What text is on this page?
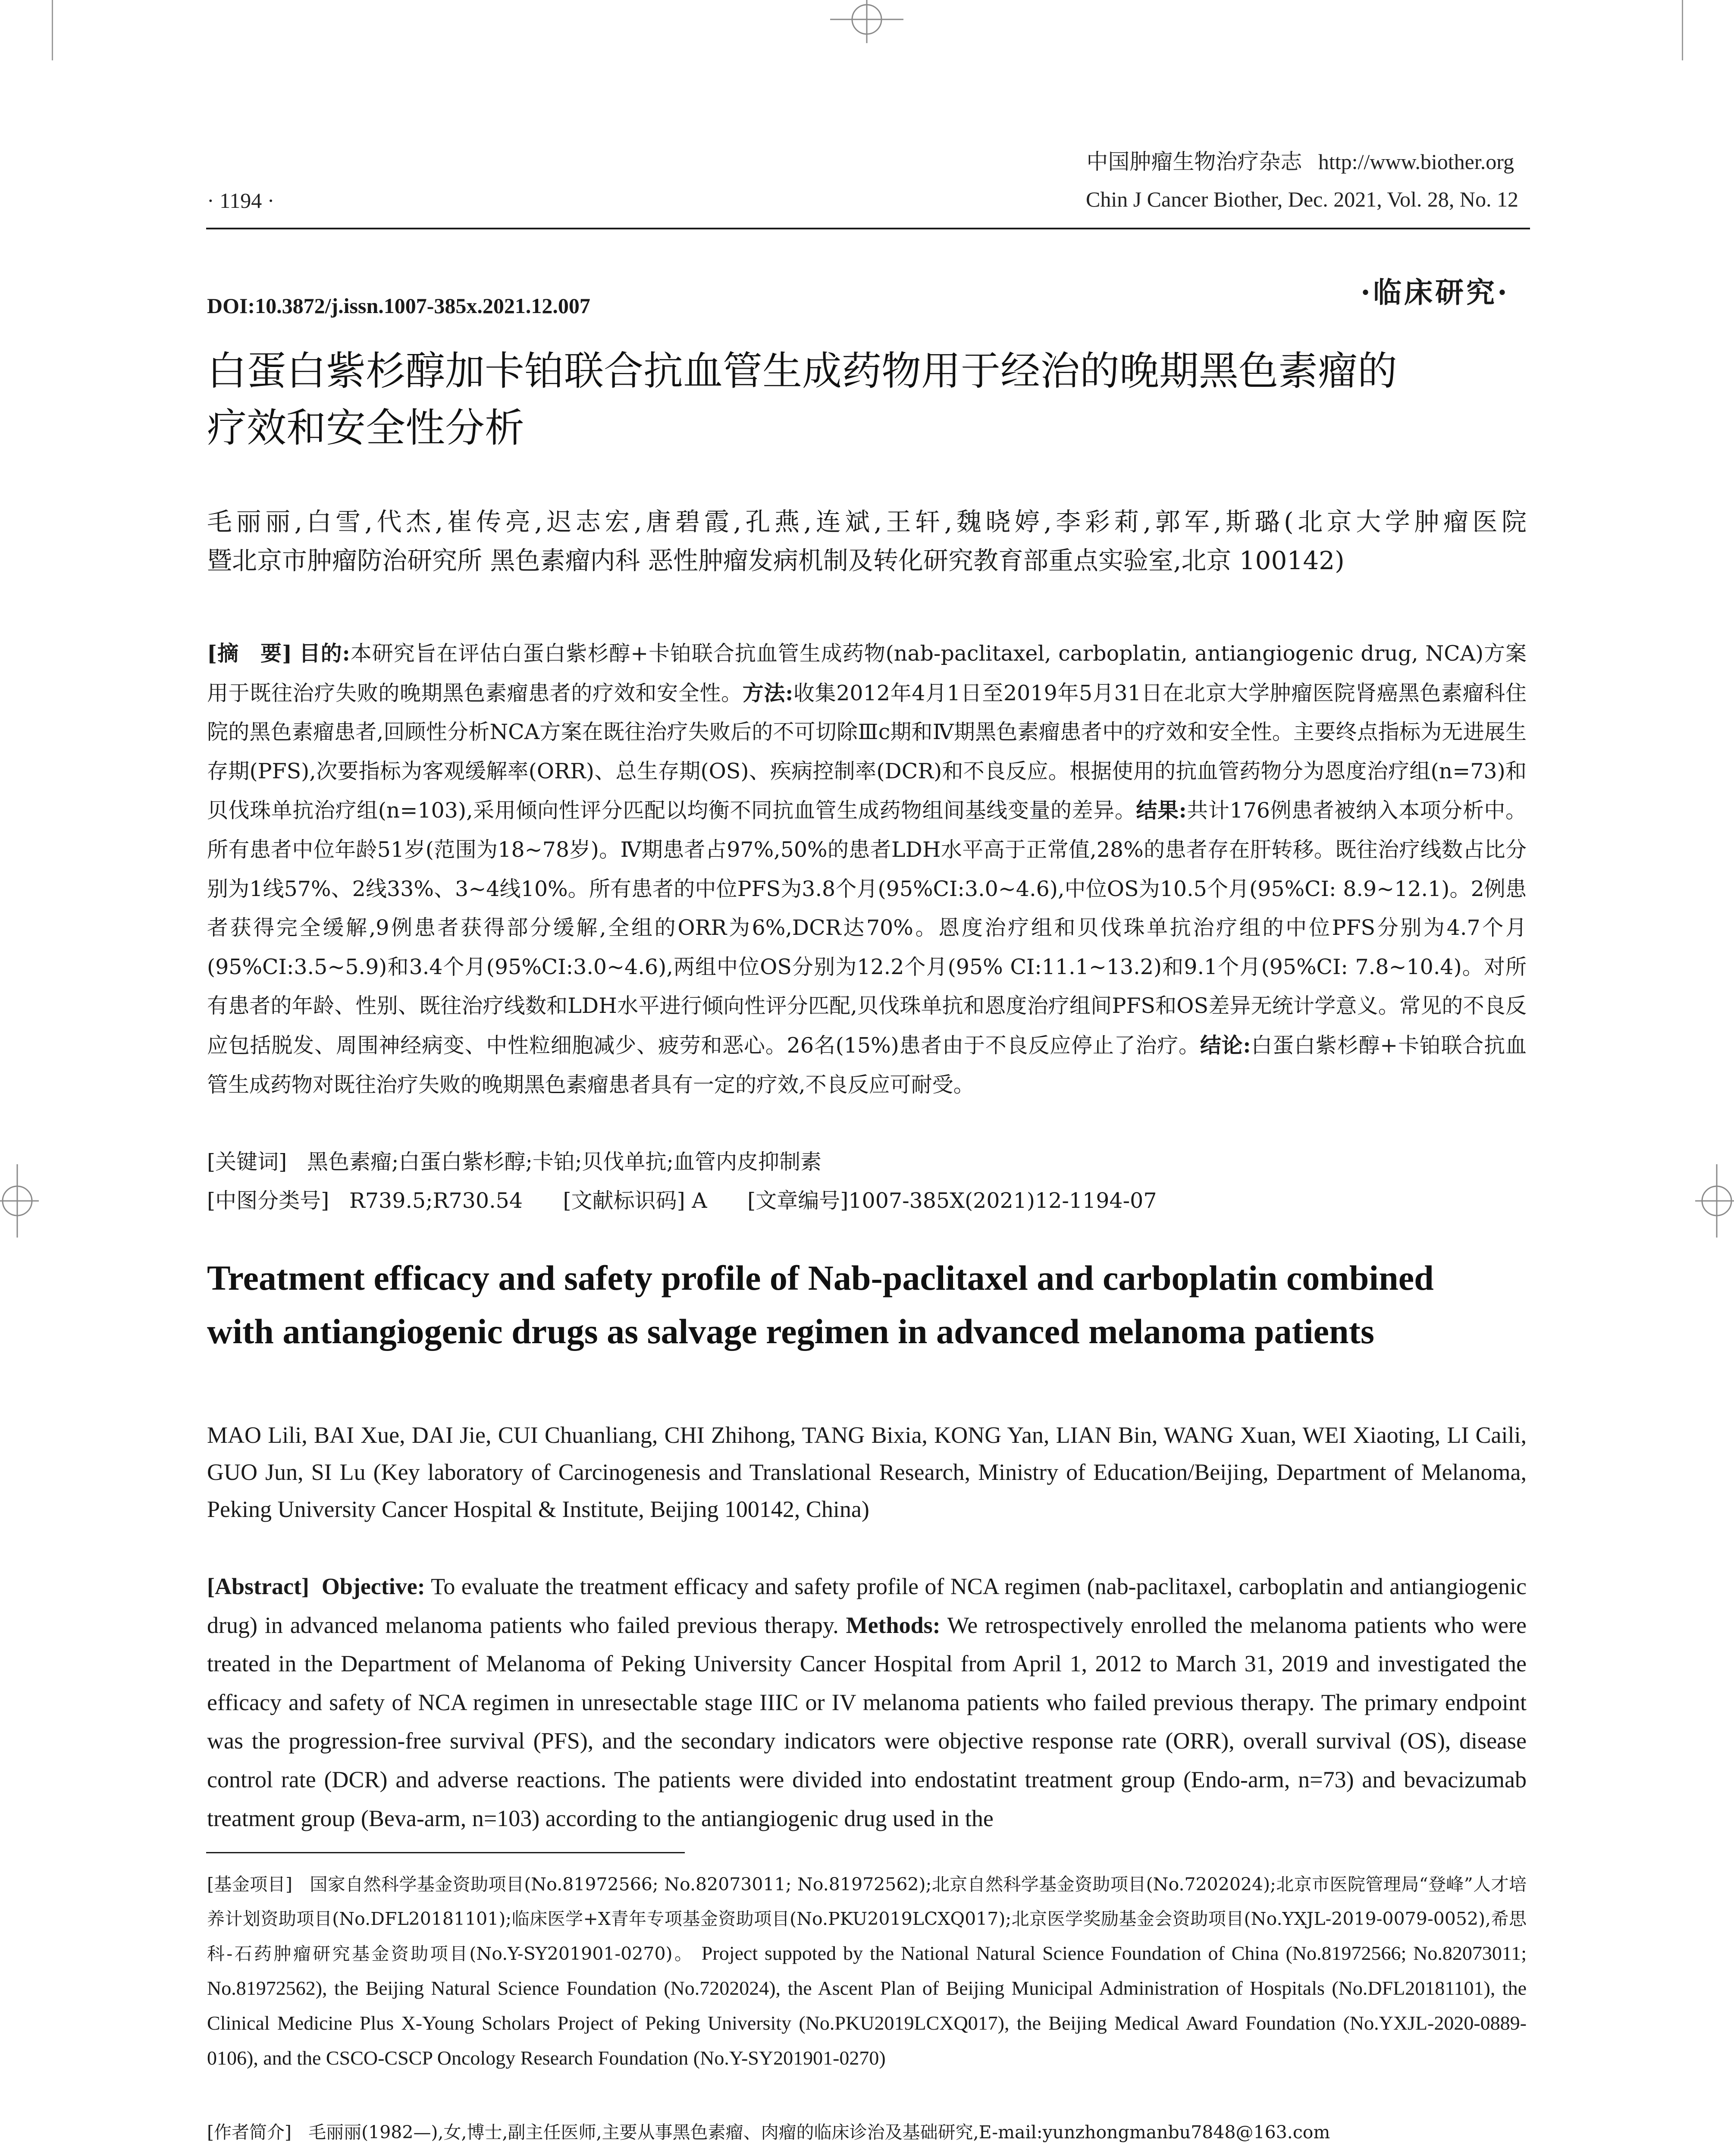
· 1194 ·
中国肿瘤生物治疗杂志 http://www.biother.org
Chin J Cancer Biother, Dec. 2021, Vol. 28, No. 12
DOI:10.3872/j.issn.1007-385x.2021.12.007	·临床研究·
白蛋白紫杉醇加卡铂联合抗血管生成药物用于经治的晚期黑色素瘤的
疗效和安全性分析
毛丽丽,白雪,代杰,崔传亮,迟志宏,唐碧霞,孔燕,连斌,王轩,魏晓婷,李彩莉,郭军,斯璐(北京大学肿瘤医院
暨北京市肿瘤防治研究所 黑色素瘤内科 恶性肿瘤发病机制及转化研究教育部重点实验室,北京 100142)
[摘　要] 目的:本研究旨在评估白蛋白紫杉醇+卡铂联合抗血管生成药物(nab-paclitaxel, carboplatin, antiangiogenic drug, NCA)方案用于既往治疗失败的晚期黑色素瘤患者的疗效和安全性。方法:收集2012年4月1日至2019年5月31日在北京大学肿瘤医院肾癌黑色素瘤科住院的黑色素瘤患者,回顾性分析NCA方案在既往治疗失败后的不可切除Ⅲc期和Ⅳ期黑色素瘤患者中的疗效和安全性。主要终点指标为无进展生存期(PFS),次要指标为客观缓解率(ORR)、总生存期(OS)、疾病控制率(DCR)和不良反应。根据使用的抗血管药物分为恩度治疗组(n=73)和贝伐珠单抗治疗组(n=103),采用倾向性评分匹配以均衡不同抗血管生成药物组间基线变量的差异。结果:共计176例患者被纳入本项分析中。所有患者中位年龄51岁(范围为18~78岁)。Ⅳ期患者占97%,50%的患者LDH水平高于正常值,28%的患者存在肝转移。既往治疗线数占比分别为1线57%、2线33%、3~4线10%。所有患者的中位PFS为3.8个月(95%CI:3.0~4.6),中位OS为10.5个月(95%CI: 8.9~12.1)。2例患者获得完全缓解,9例患者获得部分缓解,全组的ORR为6%,DCR达70%。恩度治疗组和贝伐珠单抗治疗组的中位PFS分别为4.7个月(95%CI:3.5~5.9)和3.4个月(95%CI:3.0~4.6),两组中位OS分别为12.2个月(95% CI:11.1~13.2)和9.1个月(95%CI: 7.8~10.4)。对所有患者的年龄、性别、既往治疗线数和LDH水平进行倾向性评分匹配,贝伐珠单抗和恩度治疗组间PFS和OS差异无统计学意义。常见的不良反应包括脱发、周围神经病变、中性粒细胞减少、疲劳和恶心。26名(15%)患者由于不良反应停止了治疗。结论:白蛋白紫杉醇+卡铂联合抗血管生成药物对既往治疗失败的晚期黑色素瘤患者具有一定的疗效,不良反应可耐受。
[关键词] 黑色素瘤;白蛋白紫杉醇;卡铂;贝伐单抗;血管内皮抑制素
[中图分类号] R739.5;R730.54 [文献标识码] A [文章编号]1007-385X(2021)12-1194-07
Treatment efficacy and safety profile of Nab-paclitaxel and carboplatin combined
with antiangiogenic drugs as salvage regimen in advanced melanoma patients
MAO Lili, BAI Xue, DAI Jie, CUI Chuanliang, CHI Zhihong, TANG Bixia, KONG Yan, LIAN Bin, WANG Xuan, WEI Xiaoting, LI Caili, GUO Jun, SI Lu (Key laboratory of Carcinogenesis and Translational Research, Ministry of Education/Beijing, Department of Melanoma, Peking University Cancer Hospital & Institute, Beijing 100142, China)
[Abstract] Objective: To evaluate the treatment efficacy and safety profile of NCA regimen (nab-paclitaxel, carboplatin and antiangiogenic drug) in advanced melanoma patients who failed previous therapy. Methods: We retrospectively enrolled the melanoma patients who were treated in the Department of Melanoma of Peking University Cancer Hospital from April 1, 2012 to March 31, 2019 and investigated the efficacy and safety of NCA regimen in unresectable stage IIIC or IV melanoma patients who failed previous therapy. The primary endpoint was the progression-free survival (PFS), and the secondary indicators were objective response rate (ORR), overall survival (OS), disease control rate (DCR) and adverse reactions. The patients were divided into endostatint treatment group (Endo-arm, n=73) and bevacizumab treatment group (Beva-arm, n=103) according to the antiangiogenic drug used in the
[基金项目] 国家自然科学基金资助项目(No.81972566; No.82073011; No.81972562);北京自然科学基金资助项目(No.7202024);北京市医院管理局“登峰”人才培养计划资助项目(No.DFL20181101);临床医学+X青年专项基金资助项目(No.PKU2019LCXQ017);北京医学奖励基金会资助项目(No.YXJL-2019-0079-0052),希思科-石药肿瘤研究基金资助项目(No.Y-SY201901-0270)。 Project suppoted by the National Natural Science Foundation of China (No.81972566; No.82073011; No.81972562), the Beijing Natural Science Foundation (No.7202024), the Ascent Plan of Beijing Municipal Administration of Hospitals (No.DFL20181101), the Clinical Medicine Plus X-Young Scholars Project of Peking University (No.PKU2019LCXQ017), the Beijing Medical Award Foundation (No.YXJL-2020-0889-0106), and the CSCO-CSCP Oncology Research Foundation (No.Y-SY201901-0270)
[作者简介] 毛丽丽(1982—),女,博士,副主任医师,主要从事黑色素瘤、肉瘤的临床诊治及基础研究,E-mail:yunzhongmanbu7848@163.com
